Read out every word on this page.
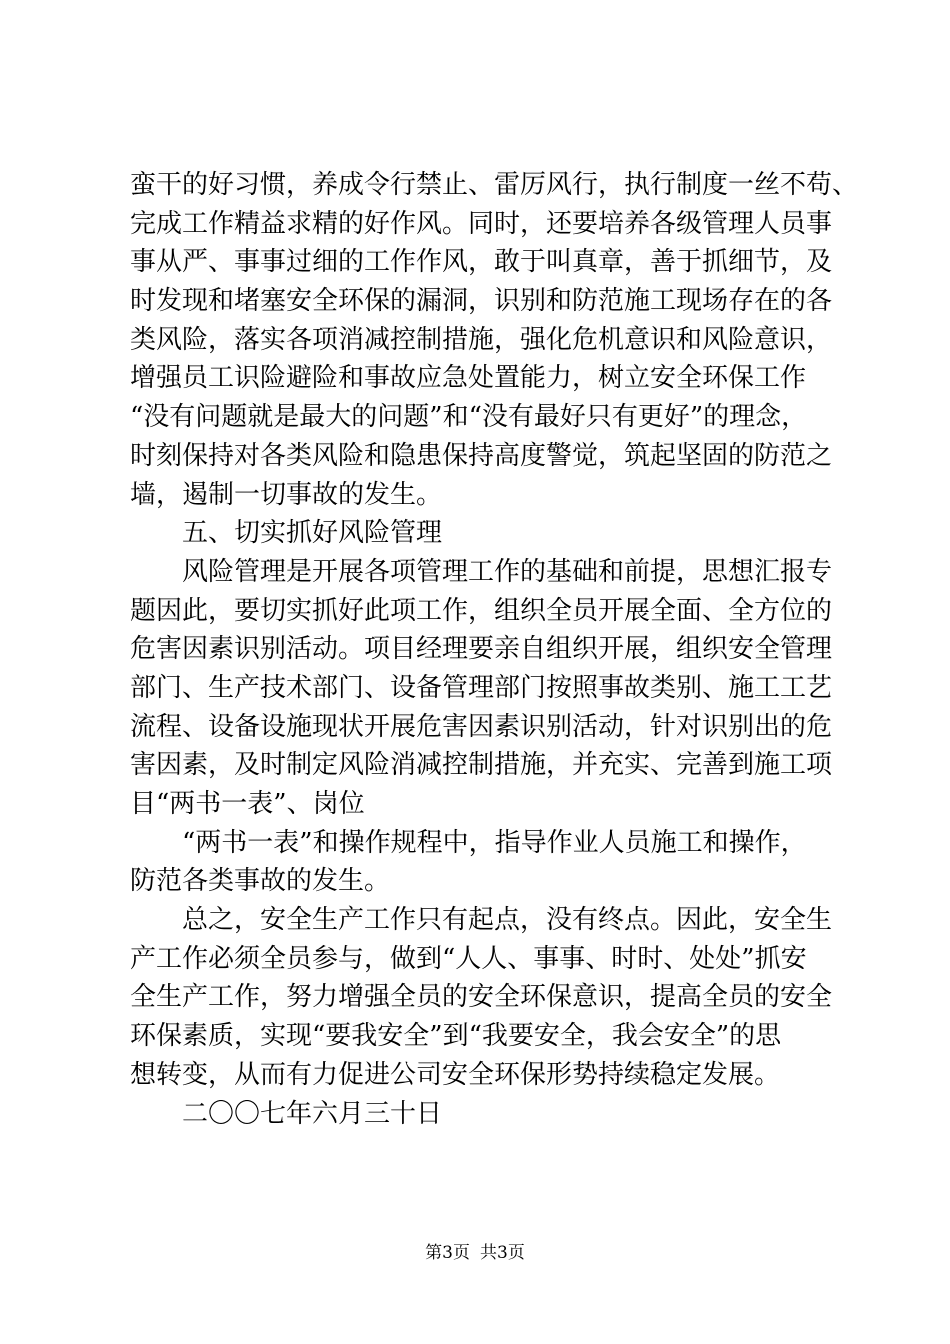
蛮干的好习惯，养成令行禁止、雷厉风行，执行制度一丝不苟、
完成工作精益求精的好作风。同时，还要培养各级管理人员事
事从严、事事过细的工作作风，敢于叫真章，善于抓细节，及
时发现和堵塞安全环保的漏洞，识别和防范施工现场存在的各
类风险，落实各项消减控制措施，强化危机意识和风险意识，
增强员工识险避险和事故应急处置能力，树立安全环保工作
“没有问题就是最大的问题”和“没有最好只有更好”的理念，
时刻保持对各类风险和隐患保持高度警觉，筑起坚固的防范之
墙，遏制一切事故的发生。
五、切实抓好风险管理
风险管理是开展各项管理工作的基础和前提，思想汇报专
题因此，要切实抓好此项工作，组织全员开展全面、全方位的
危害因素识别活动。项目经理要亲自组织开展，组织安全管理
部门、生产技术部门、设备管理部门按照事故类别、施工工艺
流程、设备设施现状开展危害因素识别活动，针对识别出的危
害因素，及时制定风险消减控制措施，并充实、完善到施工项
目“两书一表”、岗位
“两书一表”和操作规程中，指导作业人员施工和操作，
防范各类事故的发生。
总之，安全生产工作只有起点，没有终点。因此，安全生
产工作必须全员参与，做到“人人、事事、时时、处处”抓安
全生产工作，努力增强全员的安全环保意识，提高全员的安全
环保素质，实现“要我安全”到“我要安全，我会安全”的思
想转变，从而有力促进公司安全环保形势持续稳定发展。
二〇〇七年六月三十日
第3页 共3页
